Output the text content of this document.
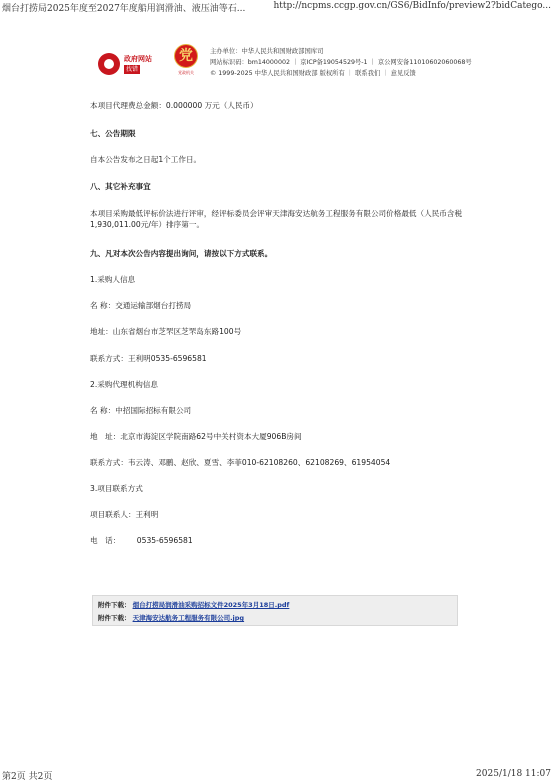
烟台打捞局2025年度至2027年度船用润滑油、液压油等石...	http://ncpms.ccgp.gov.cn/GS6/BidInfo/preview2?bidCatego...
政府网站
找错
党
党政机关
主办单位：中华人民共和国财政部国库司
网站标识码：bm14000002 ｜ 京ICP备19054529号-1 ｜ 京公网安备11010602060068号
© 1999-2025 中华人民共和国财政部 版权所有 ｜ 联系我们 ｜ 意见反馈

本项目代理费总金额：0.000000 万元（人民币）

七、公告期限

自本公告发布之日起1个工作日。

八、其它补充事宜

本项目采购最低评标价法进行评审，经评标委员会评审天津海安达航务工程服务有限公司价格最低（人民币含税1,930,011.00元/年）排序第一。

九、凡对本次公告内容提出询问，请按以下方式联系。

1.采购人信息

名 称：交通运输部烟台打捞局

地址：山东省烟台市芝罘区芝罘岛东路100号

联系方式：王利明0535-6596581

2.采购代理机构信息

名 称：中招国际招标有限公司

地　址：北京市海淀区学院南路62号中关村资本大厦906B房间

联系方式：韦云涛、邓鹏、赵欣、夏雪、李菲010-62108260、62108269、61954054

3.项目联系方式

项目联系人：王利明

电　话： 0535-6596581

附件下载： 烟台打捞局润滑油采购招标文件2025年3月18日.pdf
附件下载： 天津海安达航务工程服务有限公司.jpg
第2页 共2页	2025/1/18 11:07
